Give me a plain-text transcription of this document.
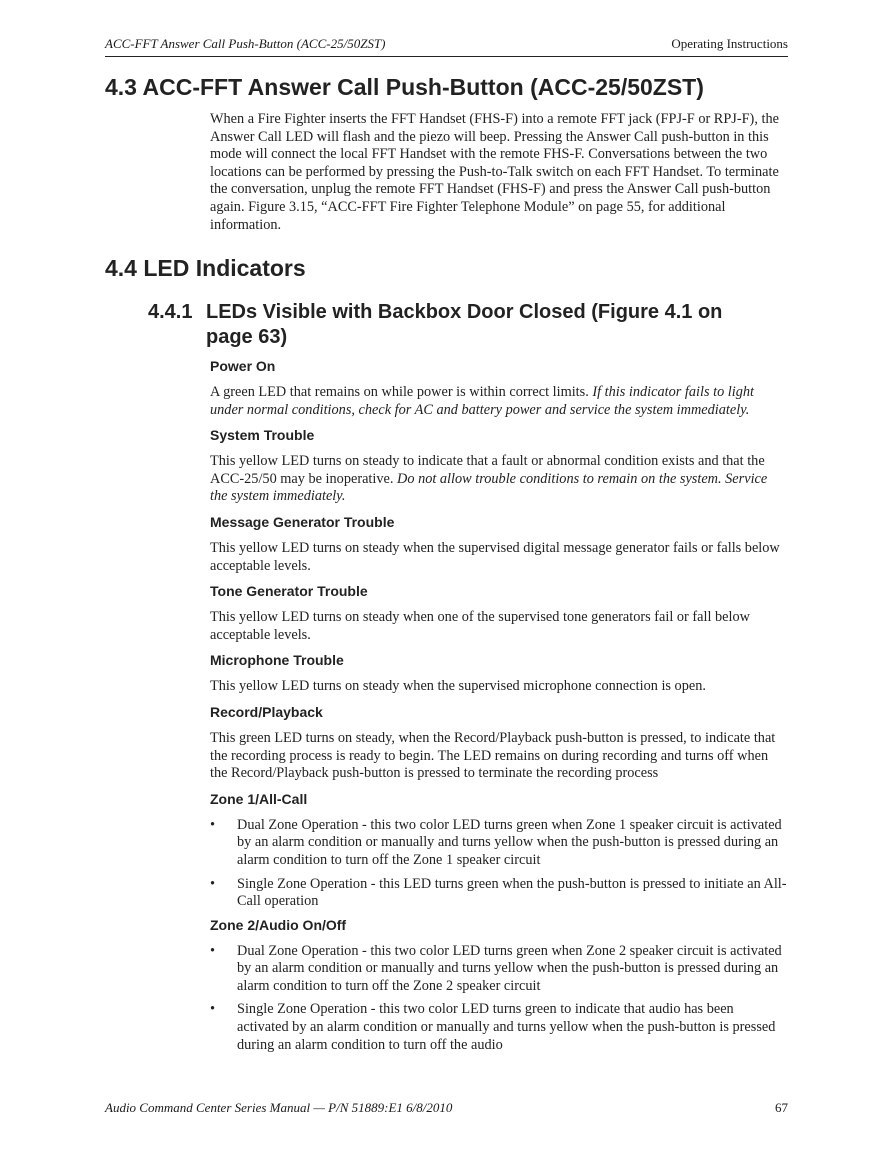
ACC-FFT Answer Call Push-Button (ACC-25/50ZST)	Operating Instructions
4.3 ACC-FFT Answer Call Push-Button (ACC-25/50ZST)

When a Fire Fighter inserts the FFT Handset (FHS-F) into a remote FFT jack (FPJ-F or RPJ-F), the Answer Call LED will flash and the piezo will beep. Pressing the Answer Call push-button in this mode will connect the local FFT Handset with the remote FHS-F. Conversations between the two locations can be performed by pressing the Push-to-Talk switch on each FFT Handset. To terminate the conversation, unplug the remote FFT Handset (FHS-F) and press the Answer Call push-button again. Figure 3.15, “ACC-FFT Fire Fighter Telephone Module” on page 55, for additional information.

4.4 LED Indicators
4.4.1 LEDs Visible with Backbox Door Closed (Figure 4.1 on
page 63)
Power On

A green LED that remains on while power is within correct limits. If this indicator fails to light under normal conditions, check for AC and battery power and service the system immediately.

System Trouble

This yellow LED turns on steady to indicate that a fault or abnormal condition exists and that the ACC-25/50 may be inoperative. Do not allow trouble conditions to remain on the system. Service the system immediately.

Message Generator Trouble

This yellow LED turns on steady when the supervised digital message generator fails or falls below acceptable levels.

Tone Generator Trouble

This yellow LED turns on steady when one of the supervised tone generators fail or fall below acceptable levels.

Microphone Trouble

This yellow LED turns on steady when the supervised microphone connection is open.

Record/Playback

This green LED turns on steady, when the Record/Playback push-button is pressed, to indicate that the recording process is ready to begin. The LED remains on during recording and turns off when the Record/Playback push-button is pressed to terminate the recording process

Zone 1/All-Call
• Dual Zone Operation - this two color LED turns green when Zone 1 speaker circuit is activated by an alarm condition or manually and turns yellow when the push-button is pressed during an alarm condition to turn off the Zone 1 speaker circuit
• Single Zone Operation - this LED turns green when the push-button is pressed to initiate an All-Call operation
Zone 2/Audio On/Off
• Dual Zone Operation - this two color LED turns green when Zone 2 speaker circuit is activated by an alarm condition or manually and turns yellow when the push-button is pressed during an alarm condition to turn off the Zone 2 speaker circuit
• Single Zone Operation - this two color LED turns green to indicate that audio has been activated by an alarm condition or manually and turns yellow when the push-button is pressed during an alarm condition to turn off the audio
Audio Command Center Series Manual — P/N 51889:E1 6/8/2010	67
